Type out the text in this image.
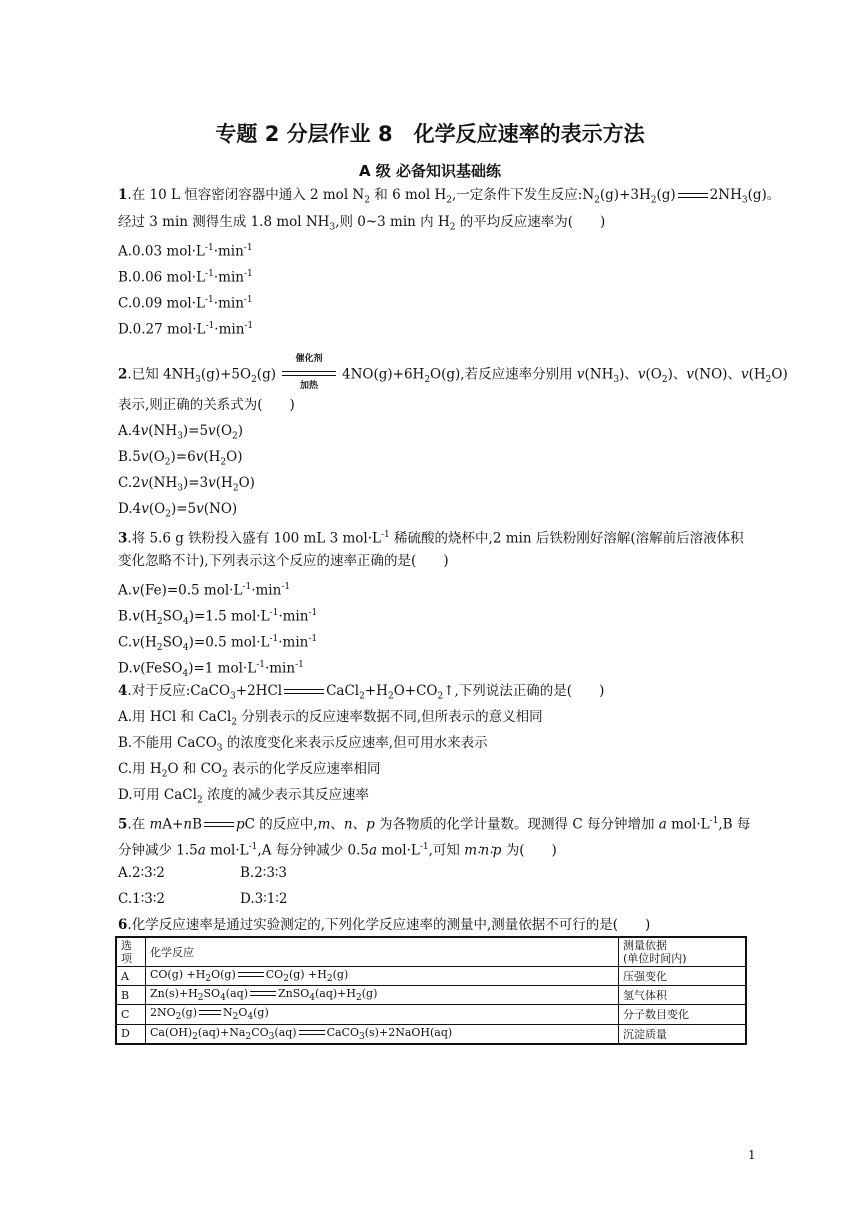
专题 2 分层作业 8　化学反应速率的表示方法
A 级 必备知识基础练
1.在 10 L 恒容密闭容器中通入 2 mol $N_2$ 和 6 mol $H_2$,一定条件下发生反应$:N_2(g)+3H_2(g)$	$2NH_3(g)$。
经过 3 min 测得生成 1.8 mol $NH_3$,则 0~3 min 内 $H_2$ 的平均反应速率为(　　)
A.0.03 $mol\cdot L^{-1}\cdot\min^{-1}$
B.0.06 $mol\cdot L^{-1}\cdot\min^{-1}$
C.0.09 $mol\cdot L^{-1}\cdot\min^{-1}$
D.0.27 $mol\cdot L^{-1}\cdot\min^{-1}$
2.已知 $4NH_3(g)+5O_2(g)$
催化剂
加热
$4NO(g)+6H_2O(g)$,若反应速率分别用 $v(NH_3)$、$v(O_2)$、v(NO)、$v(H_2O)$
表示,则正确的关系式为(　　)
$A.4v(NH_3)=5v(O_2)$
$B.5v(O_2)=6v(H_2O)$
$C.2v(NH_3)=3v(H_2O)$
$D.4v(O_2)=5v(NO)$
3.将 5.6 g 铁粉投入盛有 100 mL 3 $mol\cdot L^{-1}$ 稀硫酸的烧杯中,2 min 后铁粉刚好溶解(溶解前后溶液体积
变化忽略不计),下列表示这个反应的速率正确的是(　　)
A.v(Fe)=0.5 $mol\cdot L^{-1}\cdot\min^{-1}$
$B.v(H_2SO_4)=1.5$ $mol\cdot L^{-1}\cdot\min^{-1}$
$C.v(H_2SO_4)=0.5$ $mol\cdot L^{-1}\cdot\min^{-1}$
D.v(FeSO$_4$)=1 $mol\cdot L^{-1}\cdot\min^{-1}$
4.对于反应:CaCO$_3$+2HCl	$CaCl_2+H_2O+CO_2↑$,下列说法正确的是(　　)
A.用 HCl 和 CaCl$_2$ 分别表示的反应速率数据不同,但所表示的意义相同
B.不能用 CaCO$_3$ 的浓度变化来表示反应速率,但可用水来表示
C.用 $H_2O$ 和 $CO_2$ 表示的化学反应速率相同
D.可用 CaCl$_2$ 浓度的减少表示其反应速率
5.在 mA+nB	pC 的反应中,m、n、p 为各物质的化学计量数。现测得 C 每分钟增加 a $mol\cdot L^{-1},B$ 每
分钟减少 1.5a $mol\cdot L^{-1},A$ 每分钟减少 0.5a $mol\cdot L^{-1}$,可知 m∶n∶p 为(　　)
A.2∶3∶2	B.2∶3∶3
C.1∶3∶2	D.3∶1∶2
6.化学反应速率是通过实验测定的,下列化学反应速率的测量中,测量依据不可行的是(　　)
选
项	化学反应	测量依据
(单位时间内)
A	$CO(g) +H_2O(g)$ $CO_2(g) +H_2(g)$	压强变化
B	$Zn(s)+H_2SO_4(aq)$ $ZnSO_4(aq)+H_2(g)$	氢气体积
C	$2NO_2(g)$ $N_2O_4(g)$	分子数目变化
D	$Ca(OH)_2(aq)+Na_2CO_3(aq)$ CaCO$_3$(s)+2NaOH(aq)	沉淀质量
1
